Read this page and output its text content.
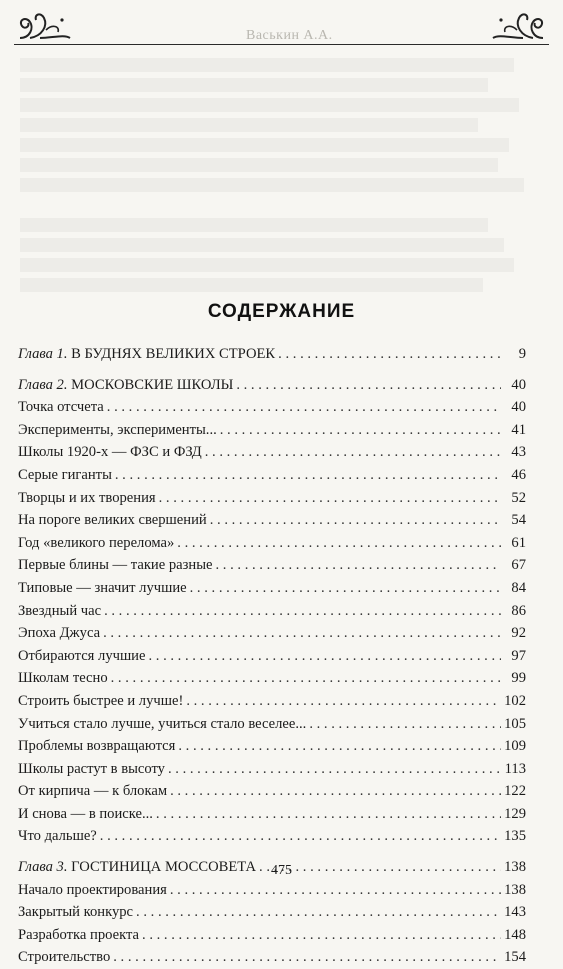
Васькин А.А.
СОДЕРЖАНИЕ
Глава 1. В БУДНЯХ ВЕЛИКИХ СТРОЕК . . .	9
Глава 2. МОСКОВСКИЕ ШКОЛЫ . . .	40
Точка отсчета . . .	40
Эксперименты, эксперименты... . . .	41
Школы 1920-х — ФЗС и ФЗД . . .	43
Серые гиганты . . .	46
Творцы и их творения . . .	52
На пороге великих свершений . . .	54
Год «великого перелома» . . .	61
Первые блины — такие разные . . .	67
Типовые — значит лучшие . . .	84
Звездный час . . .	86
Эпоха Джуса . . .	92
Отбираются лучшие . . .	97
Школам тесно . . .	99
Строить быстрее и лучше! . . .	102
Учиться стало лучше, учиться стало веселее... . . .	105
Проблемы возвращаются . . .	109
Школы растут в высоту . . .	113
От кирпича — к блокам . . .	122
И снова — в поиске... . . .	129
Что дальше? . . .	135
Глава 3. ГОСТИНИЦА МОССОВЕТА . . .	138
Начало проектирования . . .	138
Закрытый конкурс . . .	143
Разработка проекта . . .	148
Строительство . . .	154
475
